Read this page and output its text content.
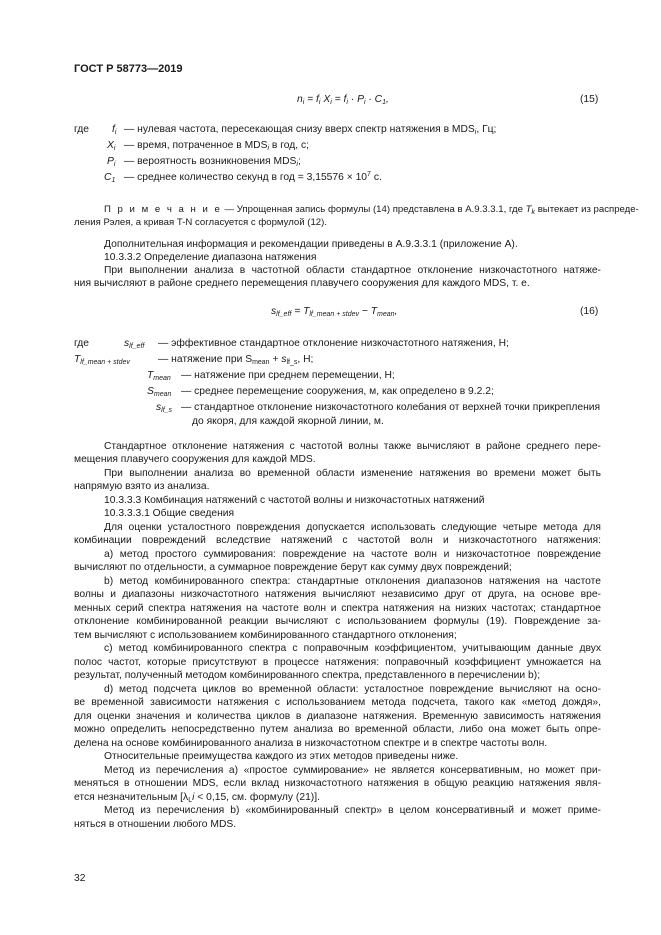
ГОСТ Р 58773—2019
$n_i = f_i$ $X_i = f_i \cdot P_i \cdot C_1$,	(15)
где $f_i$ — нулевая частота, пересекающая снизу вверх спектр натяжения в $MDS_i$, Гц;
$X_i$ — время, потраченное в $MDS_i$ в год, с;
$P_i$ — вероятность возникновения $MDS_i$;
$C_1$ — среднее количество секунд в год = $3,15576 \times 10^7$ c.
П р и м е ч а н и е — Упрощенная запись формулы (14) представлена в А.9.3.3.1, где $T_k$ вытекает из распреде-
ления Рэлея, а кривая T-N согласуется с формулой (12).
Дополнительная информация и рекомендации приведены в А.9.3.3.1 (приложение А).
10.3.3.2 Определение диапазона натяжения
При выполнении анализа в частотной области стандартное отклонение низкочастотного натяже-
ния вычисляют в районе среднего перемещения плавучего сооружения для каждого MDS, т. е.
$s_{lf\_eff} = T_{lf\_mean + stdev} - T_{mean}$,	(16)
где	$s_{lf\_eff}$ — эффективное стандартное отклонение низкочастотного натяжения, Н;
$T_{lf\_mean + stdev}$	— натяжение при $S_{mean} + s_{lf\_s}$, Н;
$T_{mean}$ — натяжение при среднем перемещении, Н;
$S_{mean}$ — среднее перемещение сооружения, м, как определено в 9.2.2;
$s_{lf\_s}$ — стандартное отклонение низкочастотного колебания от верхней точки прикрепления
до якоря, для каждой якорной линии, м.
Стандартное отклонение натяжения с частотой волны также вычисляют в районе среднего пере-
мещения плавучего сооружения для каждой MDS.
При выполнении анализа во временной области изменение натяжения во времени может быть
напрямую взято из анализа.
10.3.3.3 Комбинация натяжений с частотой волны и низкочастотных натяжений
10.3.3.3.1 Общие сведения
Для оценки усталостного повреждения допускается использовать следующие четыре метода для
комбинации повреждений вследствие натяжений с частотой волн и низкочастотного натяжения:
а) метод простого суммирования: повреждение на частоте волн и низкочастотное повреждение
вычисляют по отдельности, а суммарное повреждение берут как сумму двух повреждений;
b) метод комбинированного спектра: стандартные отклонения диапазонов натяжения на частоте
волны и диапазоны низкочастотного натяжения вычисляют независимо друг от друга, на основе вре-
менных серий спектра натяжения на частоте волн и спектра натяжения на низких частотах; стандартное
отклонение комбинированной реакции вычисляют с использованием формулы (19). Повреждение за-
тем вычисляют с использованием комбинированного стандартного отклонения;
с) метод комбинированного спектра с поправочным коэффициентом, учитывающим данные двух
полос частот, которые присутствуют в процессе натяжения: поправочный коэффициент умножается на
результат, полученный методом комбинированного спектра, представленного в перечислении b);
d) метод подсчета циклов во временной области: усталостное повреждение вычисляют на осно-
ве временной зависимости натяжения с использованием метода подсчета, такого как «метод дождя»,
для оценки значения и количества циклов в диапазоне натяжения. Временную зависимость натяжения
можно определить непосредственно путем анализа во временной области, либо она может быть опре-
делена на основе комбинированного анализа в низкочастотном спектре и в спектре частоты волн.
Относительные преимущества каждого из этих методов приведены ниже.
Метод из перечисления а) «простое суммирование» не является консервативным, но может при-
меняться в отношении MDS, если вклад низкочастотного натяжения в общую реакцию натяжения явля-
ется незначительным [$\lambda_Li < 0,15$, см. формулу (21)].
Метод из перечисления b) «комбинированный спектр» в целом консервативный и может приме-
няться в отношении любого MDS.
32
